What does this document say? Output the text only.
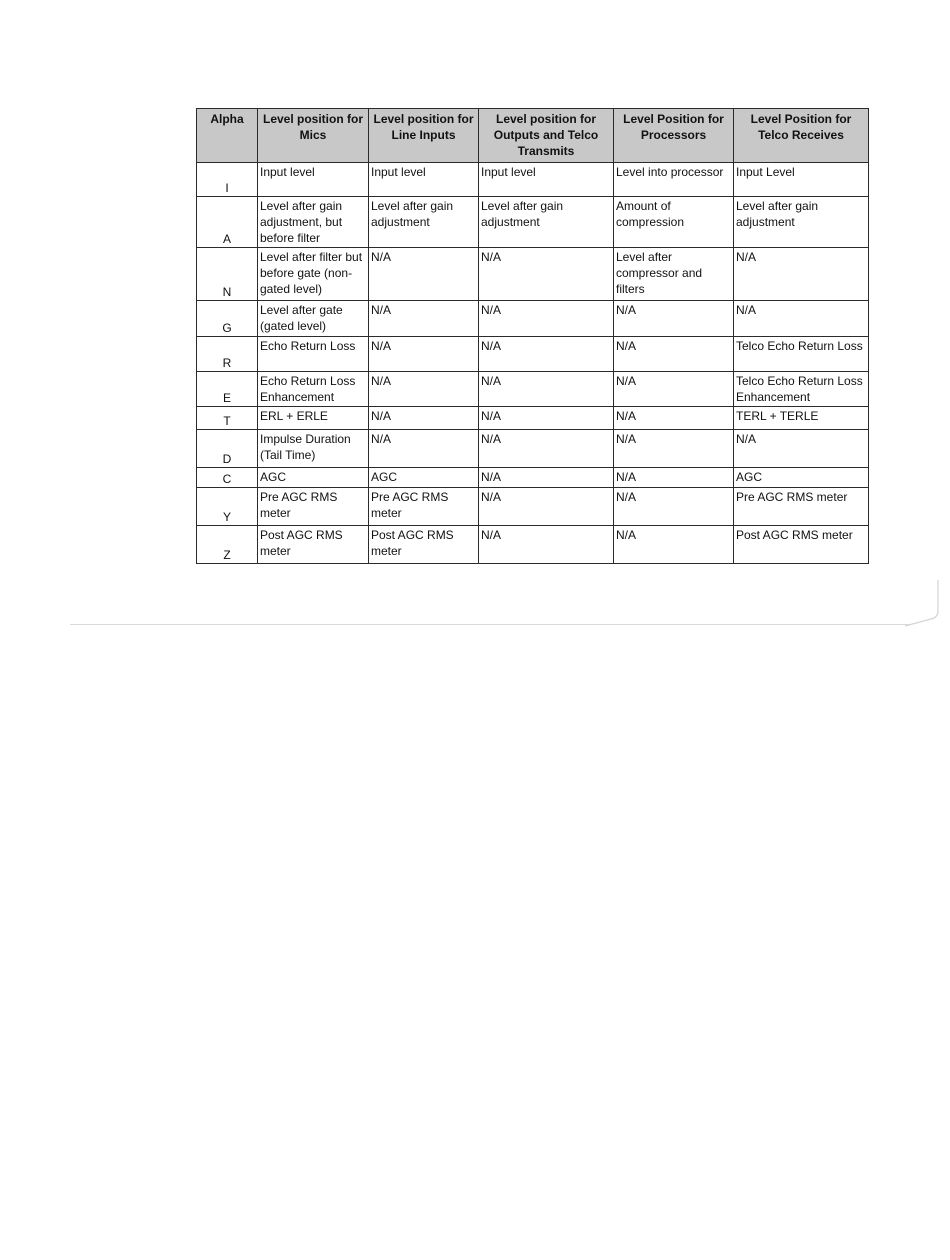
Alpha	Level position for Mics	Level position for Line Inputs	Level position for Outputs and Telco Transmits	Level Position for Processors	Level Position for Telco Receives
I	Input level	Input level	Input level	Level into processor	Input Level
A	Level after gain adjustment, but before filter	Level after gain adjustment	Level after gain adjustment	Amount of compression	Level after gain adjustment
N	Level after filter but before gate (non-gated level)	N/A	N/A	Level after compressor and filters	N/A
G	Level after gate (gated level)	N/A	N/A	N/A	N/A
R	Echo Return Loss	N/A	N/A	N/A	Telco Echo Return Loss
E	Echo Return Loss Enhancement	N/A	N/A	N/A	Telco Echo Return Loss Enhancement
T	ERL + ERLE	N/A	N/A	N/A	TERL + TERLE
D	Impulse Duration (Tail Time)	N/A	N/A	N/A	N/A
C	AGC	AGC	N/A	N/A	AGC
Y	Pre AGC RMS meter	Pre AGC RMS meter	N/A	N/A	Pre AGC RMS meter
Z	Post AGC RMS meter	Post AGC RMS meter	N/A	N/A	Post AGC RMS meter
